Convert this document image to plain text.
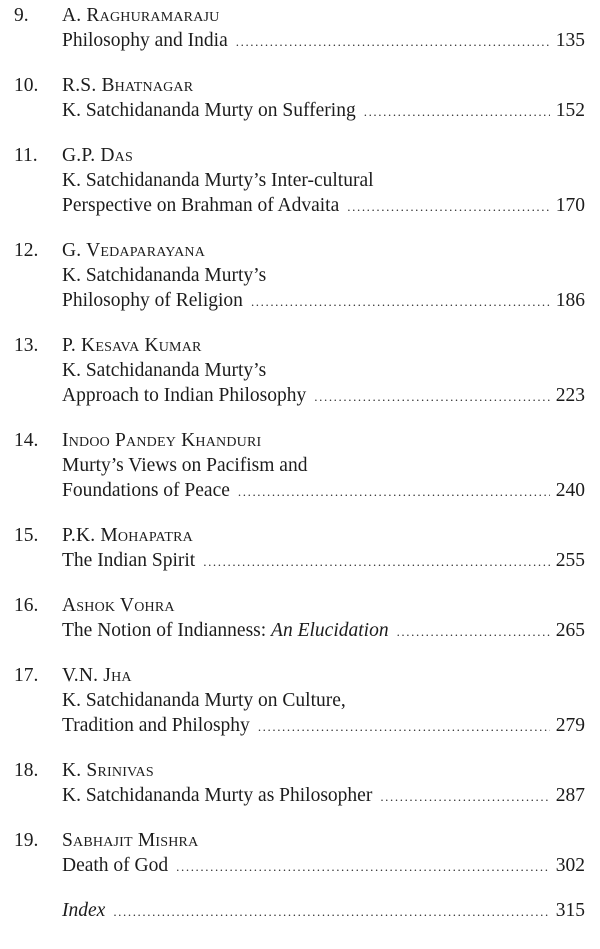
9. A. Raghuramaraju
Philosophy and India .....	135
10. R.S. Bhatnagar
K. Satchidananda Murty on Suffering .....	152
11. G.P. Das
K. Satchidananda Murty’s Inter-cultural
Perspective on Brahman of Advaita .....	170
12. G. Vedaparayana
K. Satchidananda Murty’s
Philosophy of Religion .....	186
13. P. Kesava Kumar
K. Satchidananda Murty’s
Approach to Indian Philosophy .....	223
14. Indoo Pandey Khanduri
Murty’s Views on Pacifism and
Foundations of Peace .....	240
15. P.K. Mohapatra
The Indian Spirit .....	255
16. Ashok Vohra
The Notion of Indianness: An Elucidation .....	265
17. V.N. Jha
K. Satchidananda Murty on Culture,
Tradition and Philosphy .....	279
18. K. Srinivas
K. Satchidananda Murty as Philosopher .....	287
19. Sabhajit Mishra
Death of God .....	302
Index .....	315
